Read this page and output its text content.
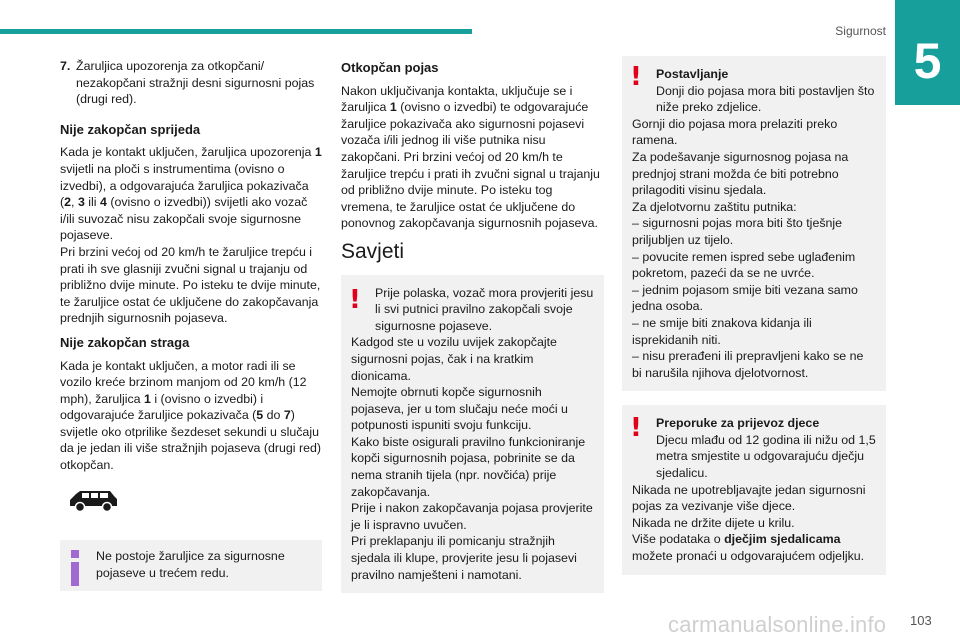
Sigurnost
5
7. Žaruljica upozorenja za otkopčani/ nezakopčani stražnji desni sigurnosni pojas (drugi red).

Nije zakopčan sprijeda

Kada je kontakt uključen, žaruljica upozorenja 1 svijetli na ploči s instrumentima (ovisno o izvedbi), a odgovarajuća žaruljica pokazivača (2, 3 ili 4 (ovisno o izvedbi)) svijetli ako vozač i/ili suvozač nisu zakopčali svoje sigurnosne pojaseve.

Pri brzini većoj od 20 km/h te žaruljice trepću i prati ih sve glasniji zvučni signal u trajanju od približno dvije minute. Po isteku te dvije minute, te žaruljice ostat će uključene do zakopčavanja prednjih sigurnosnih pojaseva.

Nije zakopčan straga

Kada je kontakt uključen, a motor radi ili se vozilo kreće brzinom manjom od 20 km/h (12 mph), žaruljica 1 i (ovisno o izvedbi) i odgovarajuće žaruljice pokazivača (5 do 7) svijetle oko otprilike šezdeset sekundi u slučaju da je jedan ili više stražnjih pojaseva (drugi red) otkopčan.

Ne postoje žaruljice za sigurnosne pojaseve u trećem redu.

Otkopčan pojas

Nakon uključivanja kontakta, uključuje se i žaruljica 1 (ovisno o izvedbi) te odgovarajuće žaruljice pokazivača ako sigurnosni pojasevi vozača i/ili jednog ili više putnika nisu zakopčani. Pri brzini većoj od 20 km/h te žaruljice trepću i prati ih zvučni signal u trajanju od približno dvije minute. Po isteku tog vremena, te žaruljice ostat će uključene do ponovnog zakopčavanja sigurnosnih pojaseva.

Savjeti

! Prije polaska, vozač mora provjeriti jesu li svi putnici pravilno zakopčali svoje sigurnosne pojaseve.

Kadgod ste u vozilu uvijek zakopčajte sigurnosni pojas, čak i na kratkim dionicama.

Nemojte obrnuti kopče sigurnosnih pojaseva, jer u tom slučaju neće moći u potpunosti ispuniti svoju funkciju.

Kako biste osigurali pravilno funkcioniranje kopči sigurnosnih pojasa, pobrinite se da nema stranih tijela (npr. novčića) prije zakopčavanja.

Prije i nakon zakopčavanja pojasa provjerite je li ispravno uvučen.

Pri preklapanju ili pomicanju stražnjih sjedala ili klupe, provjerite jesu li pojasevi pravilno namješteni i namotani.

! Postavljanje

Donji dio pojasa mora biti postavljen što niže preko zdjelice.

Gornji dio pojasa mora prelaziti preko ramena.

Za podešavanje sigurnosnog pojasa na prednjoj strani možda će biti potrebno prilagoditi visinu sjedala.

Za djelotvornu zaštitu putnika:

– sigurnosni pojas mora biti što tješnje priljubljen uz tijelo.

– povucite remen ispred sebe uglađenim pokretom, pazeći da se ne uvrće.

– jednim pojasom smije biti vezana samo jedna osoba.

– ne smije biti znakova kidanja ili isprekidanih niti.

– nisu prerađeni ili prepravljeni kako se ne bi narušila njihova djelotvornost.

! Preporuke za prijevoz djece

Djecu mlađu od 12 godina ili nižu od 1,5 metra smjestite u odgovarajuću dječju sjedalicu.

Nikada ne upotrebljavajte jedan sigurnosni pojas za vezivanje više djece.

Nikada ne držite dijete u krilu.

Više podataka o dječjim sjedalicama možete pronaći u odgovarajućem odjeljku.

carmanualsonline.info 103
